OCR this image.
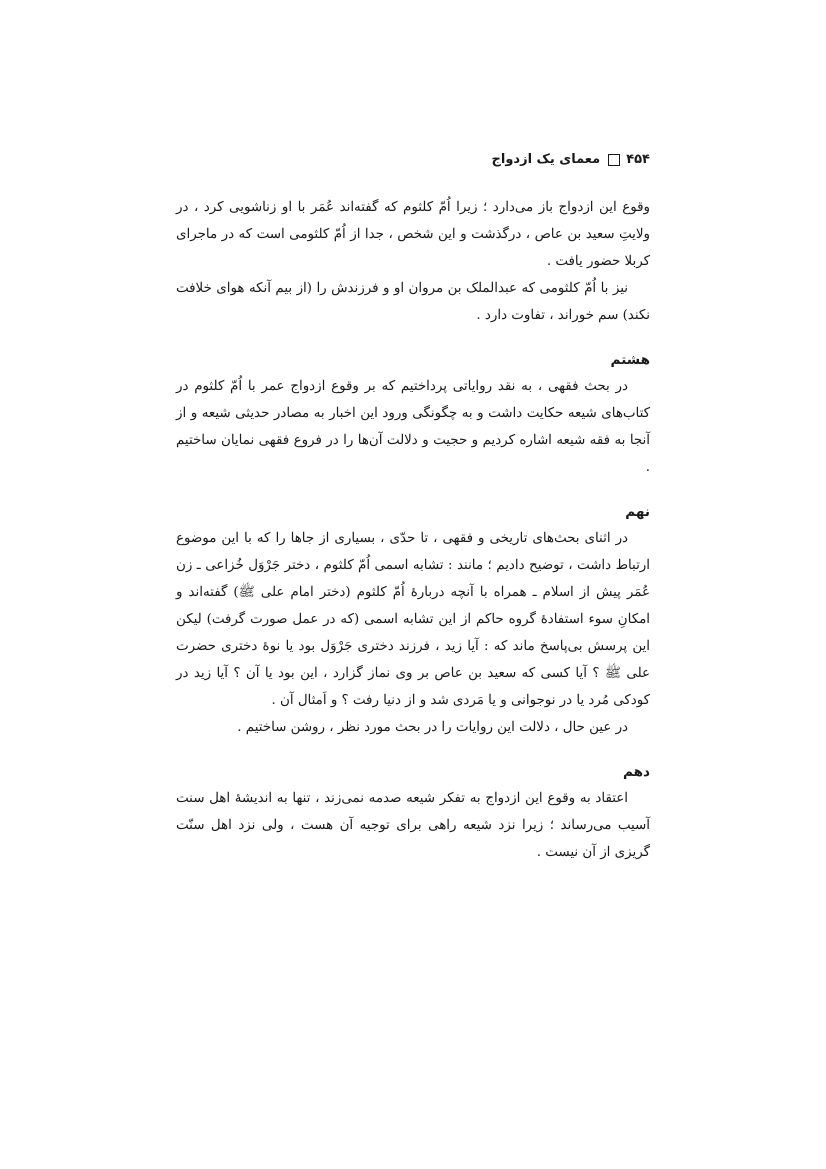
۴۵۴
معمای یک ازدواج

وقوع این ازدواج باز می‌دارد ؛ زیرا اُمّ کلثوم که گفته‌اند عُمَر با او زناشویی کرد ، در ولایتِ سعید بن عاص ، درگذشت و این شخص ، جدا از اُمّ کلثومی است که در ماجرای کربلا حضور یافت .

نیز با اُمّ کلثومی که عبدالملک بن مروان او و فرزندش را (از بیم آنکه هوای خلافت نکند) سم خوراند ، تفاوت دارد .

هشتم

در بحث فقهی ، به نقد روایاتی پرداختیم که بر وقوع ازدواج عمر با اُمّ کلثوم در کتاب‌های شیعه حکایت داشت و به چگونگی ورود این اخبار به مصادر حدیثی شیعه و از آنجا به فقه شیعه اشاره کردیم و حجیت و دلالت آن‌ها را در فروع فقهی نمایان ساختیم .

نهم

در اثنای بحث‌های تاریخی و فقهی ، تا حدّی ، بسیاری از جاها را که با این موضوع ارتباط داشت ، توضیح دادیم ؛ مانند : تشابه اسمی اُمّ کلثوم ، دختر جَرْوَل خُزاعی ـ زن عُمَر پیش از اسلام ـ همراه با آنچه دربارهٔ اُمّ کلثوم (دختر امام علی ﷺ) گفته‌اند و امکانِ سوء استفادهٔ گروه حاکم از این تشابه اسمی (که در عمل صورت گرفت) لیکن این پرسش بی‌پاسخ ماند که : آیا زید ، فرزند دختری جَرْوَل بود یا نوهٔ دختری حضرت علی ﷺ ؟ آیا کسی که سعید بن عاص بر وی نماز گزارد ، این بود یا آن ؟ آیا زید در کودکی مُرد یا در نوجوانی و یا مَردی شد و از دنیا رفت ؟ و اَمثال آن .

در عین حال ، دلالت این روایات را در بحث مورد نظر ، روشن ساختیم .

دهم

اعتقاد به وقوع این ازدواج به تفکر شیعه صدمه نمی‌زند ، تنها به اندیشهٔ اهل سنت آسیب می‌رساند ؛ زیرا نزد شیعه راهی برای توجیه آن هست ، ولی نزد اهل سنّت گریزی از آن نیست .
